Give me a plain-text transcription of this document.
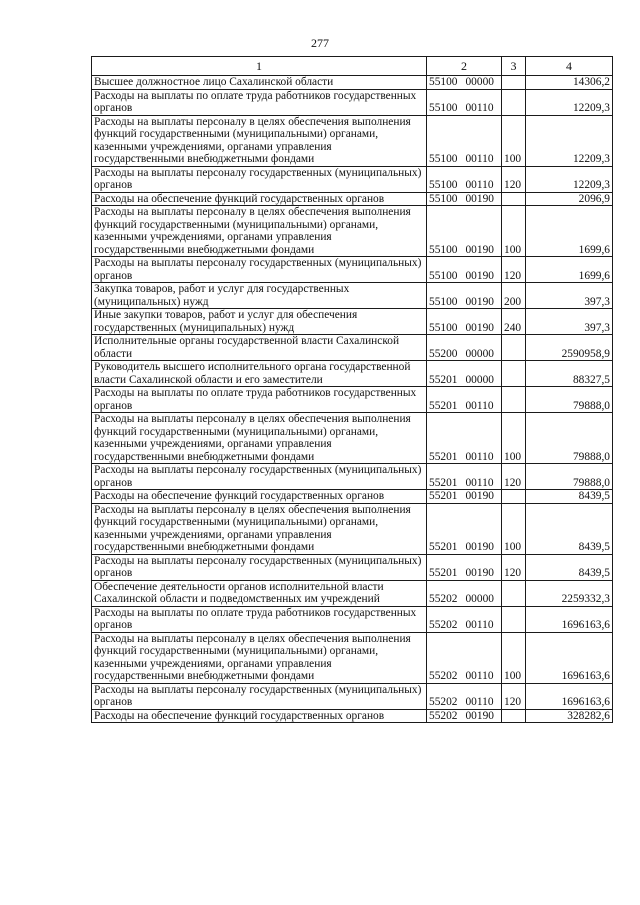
277
1	2	3	4
Высшее должностное лицо Сахалинской области	55100 00000		14306,2
Расходы на выплаты по оплате труда работников государственных органов	55100 00110		12209,3
Расходы на выплаты персоналу в целях обеспечения выполнения функций государственными (муниципальными) органами, казенными учреждениями, органами управления государственными внебюджетными фондами	55100 00110	100	12209,3
Расходы на выплаты персоналу государственных (муниципальных) органов	55100 00110	120	12209,3
Расходы на обеспечение функций государственных органов	55100 00190		2096,9
Расходы на выплаты персоналу в целях обеспечения выполнения функций государственными (муниципальными) органами, казенными учреждениями, органами управления государственными внебюджетными фондами	55100 00190	100	1699,6
Расходы на выплаты персоналу государственных (муниципальных) органов	55100 00190	120	1699,6
Закупка товаров, работ и услуг для государственных (муниципальных) нужд	55100 00190	200	397,3
Иные закупки товаров, работ и услуг для обеспечения государственных (муниципальных) нужд	55100 00190	240	397,3
Исполнительные органы государственной власти Сахалинской области	55200 00000		2590958,9
Руководитель высшего исполнительного органа государственной власти Сахалинской области и его заместители	55201 00000		88327,5
Расходы на выплаты по оплате труда работников государственных органов	55201 00110		79888,0
Расходы на выплаты персоналу в целях обеспечения выполнения функций государственными (муниципальными) органами, казенными учреждениями, органами управления государственными внебюджетными фондами	55201 00110	100	79888,0
Расходы на выплаты персоналу государственных (муниципальных) органов	55201 00110	120	79888,0
Расходы на обеспечение функций государственных органов	55201 00190		8439,5
Расходы на выплаты персоналу в целях обеспечения выполнения функций государственными (муниципальными) органами, казенными учреждениями, органами управления государственными внебюджетными фондами	55201 00190	100	8439,5
Расходы на выплаты персоналу государственных (муниципальных) органов	55201 00190	120	8439,5
Обеспечение деятельности органов исполнительной власти Сахалинской области и подведомственных им учреждений	55202 00000		2259332,3
Расходы на выплаты по оплате труда работников государственных органов	55202 00110		1696163,6
Расходы на выплаты персоналу в целях обеспечения выполнения функций государственными (муниципальными) органами, казенными учреждениями, органами управления государственными внебюджетными фондами	55202 00110	100	1696163,6
Расходы на выплаты персоналу государственных (муниципальных) органов	55202 00110	120	1696163,6
Расходы на обеспечение функций государственных органов	55202 00190		328282,6
